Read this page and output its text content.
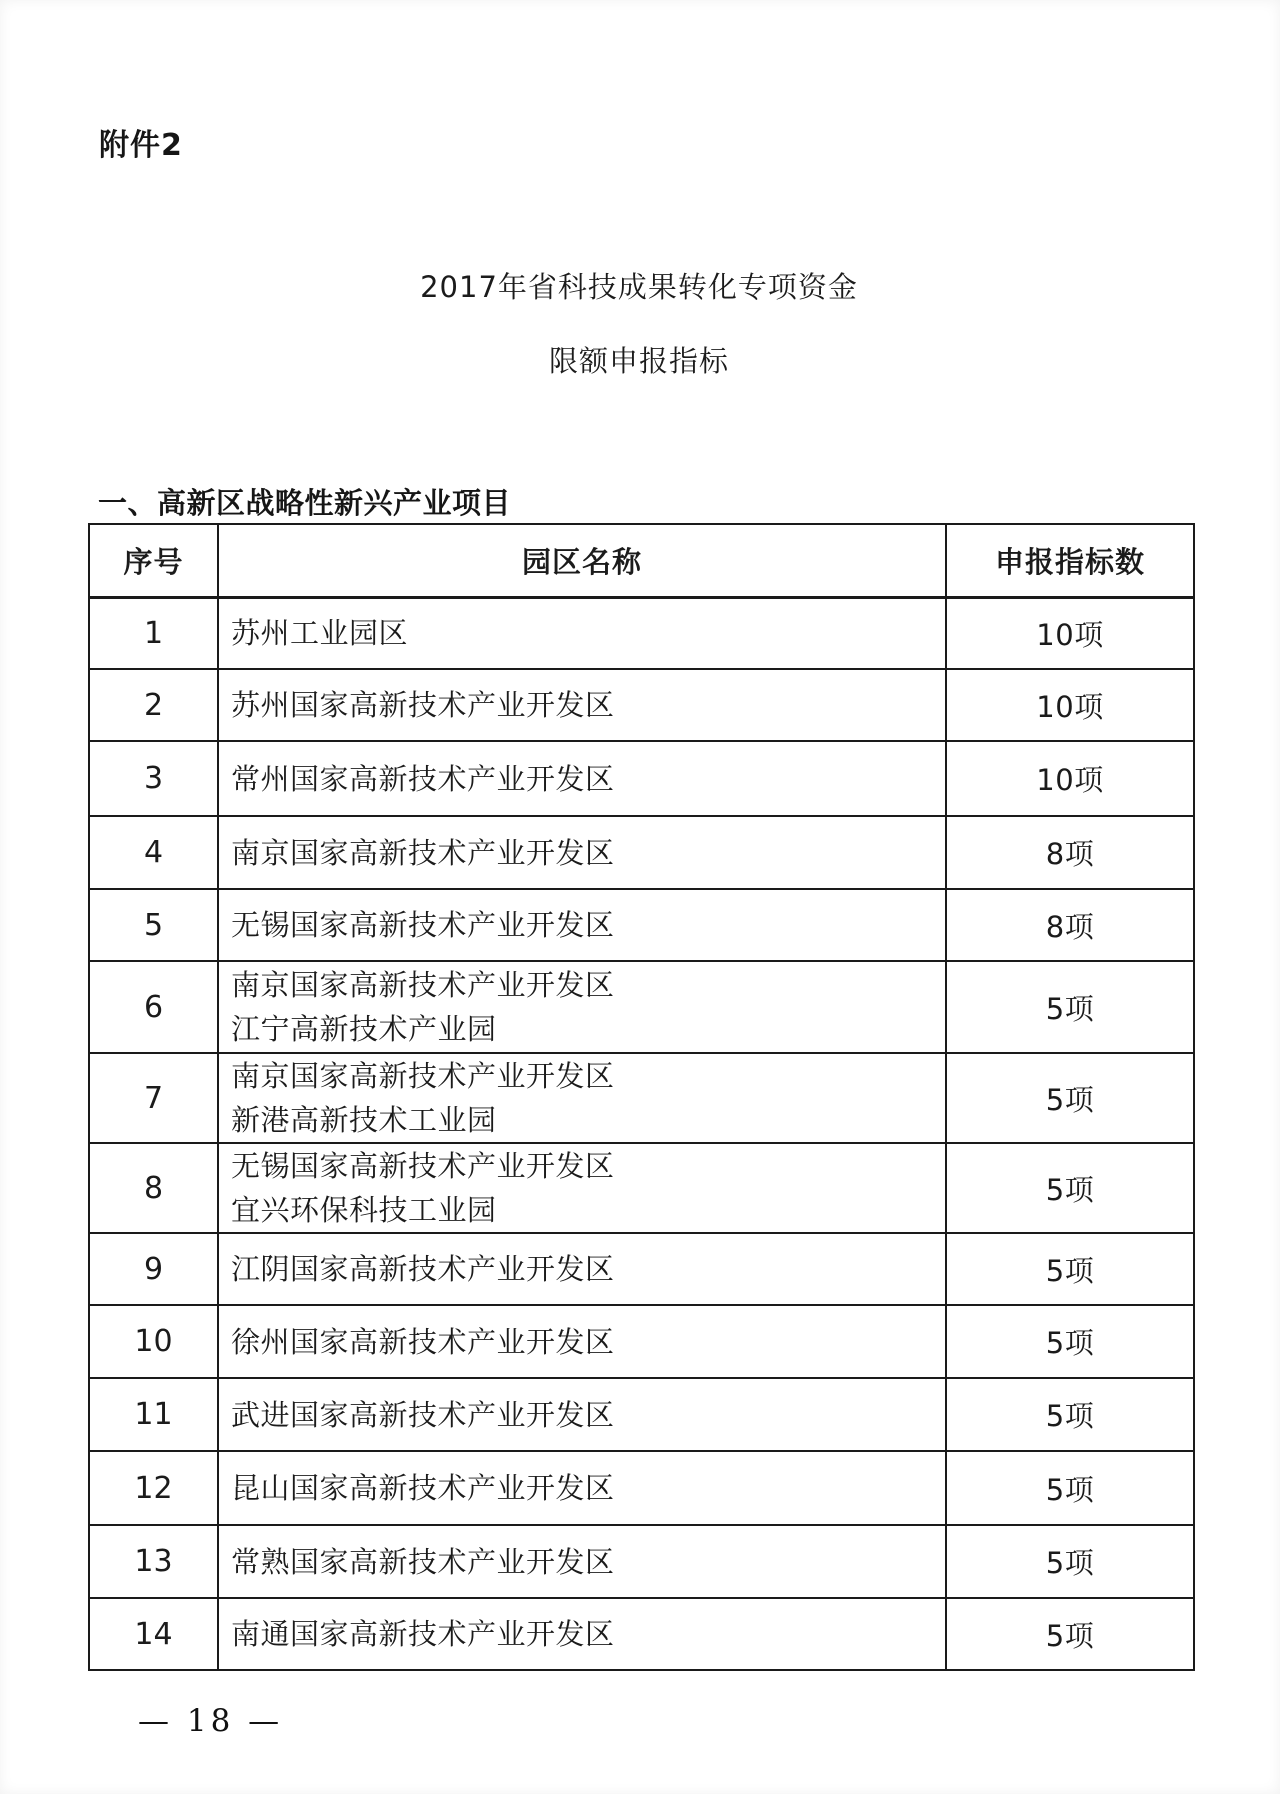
附件2
2017年省科技成果转化专项资金
限额申报指标
一、高新区战略性新兴产业项目
序号	园区名称	申报指标数
1	苏州工业园区	10项
2	苏州国家高新技术产业开发区	10项
3	常州国家高新技术产业开发区	10项
4	南京国家高新技术产业开发区	8项
5	无锡国家高新技术产业开发区	8项
6	南京国家高新技术产业开发区
江宁高新技术产业园	5项
7	南京国家高新技术产业开发区
新港高新技术工业园	5项
8	无锡国家高新技术产业开发区
宜兴环保科技工业园	5项
9	江阴国家高新技术产业开发区	5项
10	徐州国家高新技术产业开发区	5项
11	武进国家高新技术产业开发区	5项
12	昆山国家高新技术产业开发区	5项
13	常熟国家高新技术产业开发区	5项
14	南通国家高新技术产业开发区	5项
— 18 —
